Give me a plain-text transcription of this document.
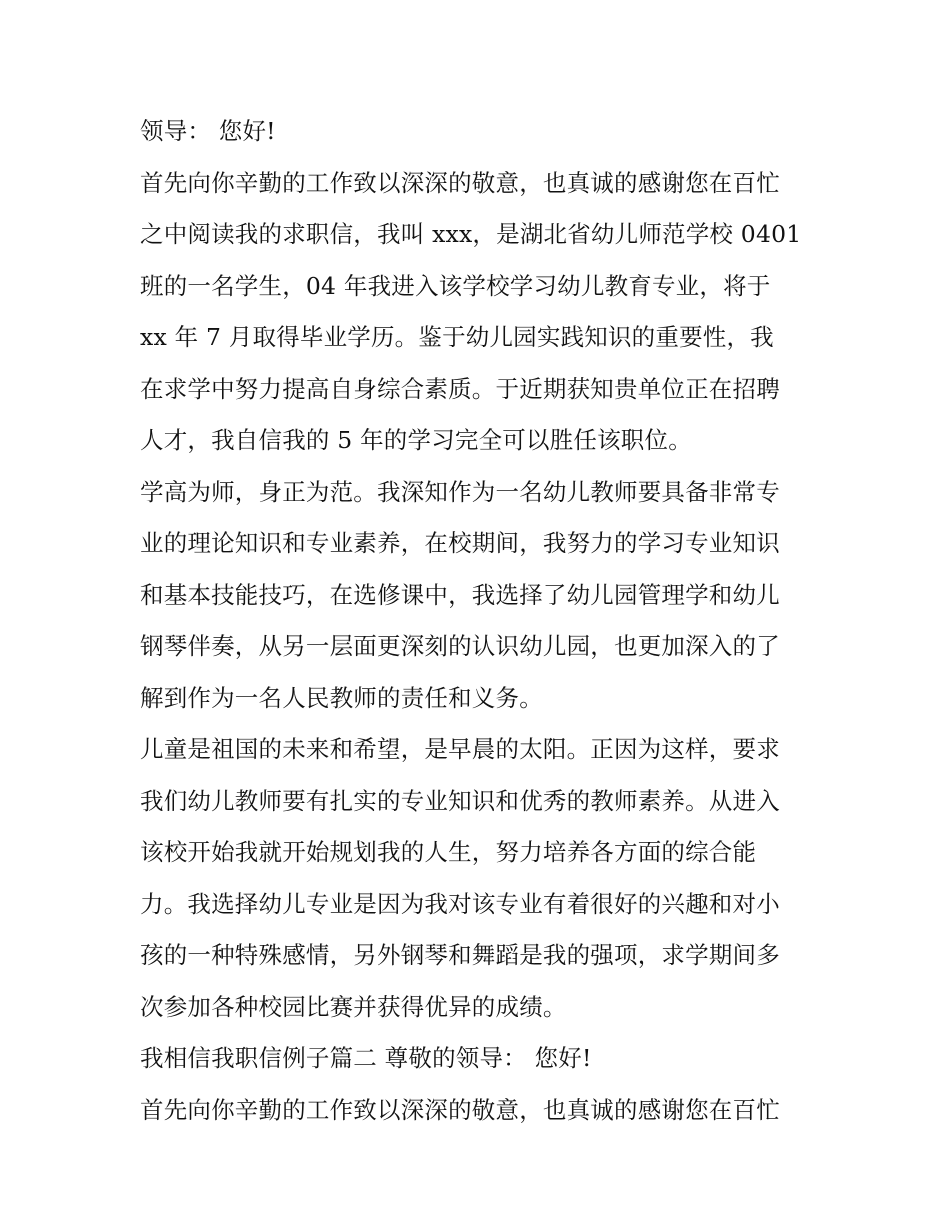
领导： 您好!
首先向你辛勤的工作致以深深的敬意，也真诚的感谢您在百忙
之中阅读我的求职信，我叫 xxx，是湖北省幼儿师范学校 0401
班的一名学生，04 年我进入该学校学习幼儿教育专业，将于
xx 年 7 月取得毕业学历。鉴于幼儿园实践知识的重要性，我
在求学中努力提高自身综合素质。于近期获知贵单位正在招聘
人才，我自信我的 5 年的学习完全可以胜任该职位。
学高为师，身正为范。我深知作为一名幼儿教师要具备非常专
业的理论知识和专业素养，在校期间，我努力的学习专业知识
和基本技能技巧，在选修课中，我选择了幼儿园管理学和幼儿
钢琴伴奏，从另一层面更深刻的认识幼儿园，也更加深入的了
解到作为一名人民教师的责任和义务。
儿童是祖国的未来和希望，是早晨的太阳。正因为这样，要求
我们幼儿教师要有扎实的专业知识和优秀的教师素养。从进入
该校开始我就开始规划我的人生，努力培养各方面的综合能
力。我选择幼儿专业是因为我对该专业有着很好的兴趣和对小
孩的一种特殊感情，另外钢琴和舞蹈是我的强项，求学期间多
次参加各种校园比赛并获得优异的成绩。
我相信我职信例子篇二 尊敬的领导： 您好!
首先向你辛勤的工作致以深深的敬意，也真诚的感谢您在百忙
